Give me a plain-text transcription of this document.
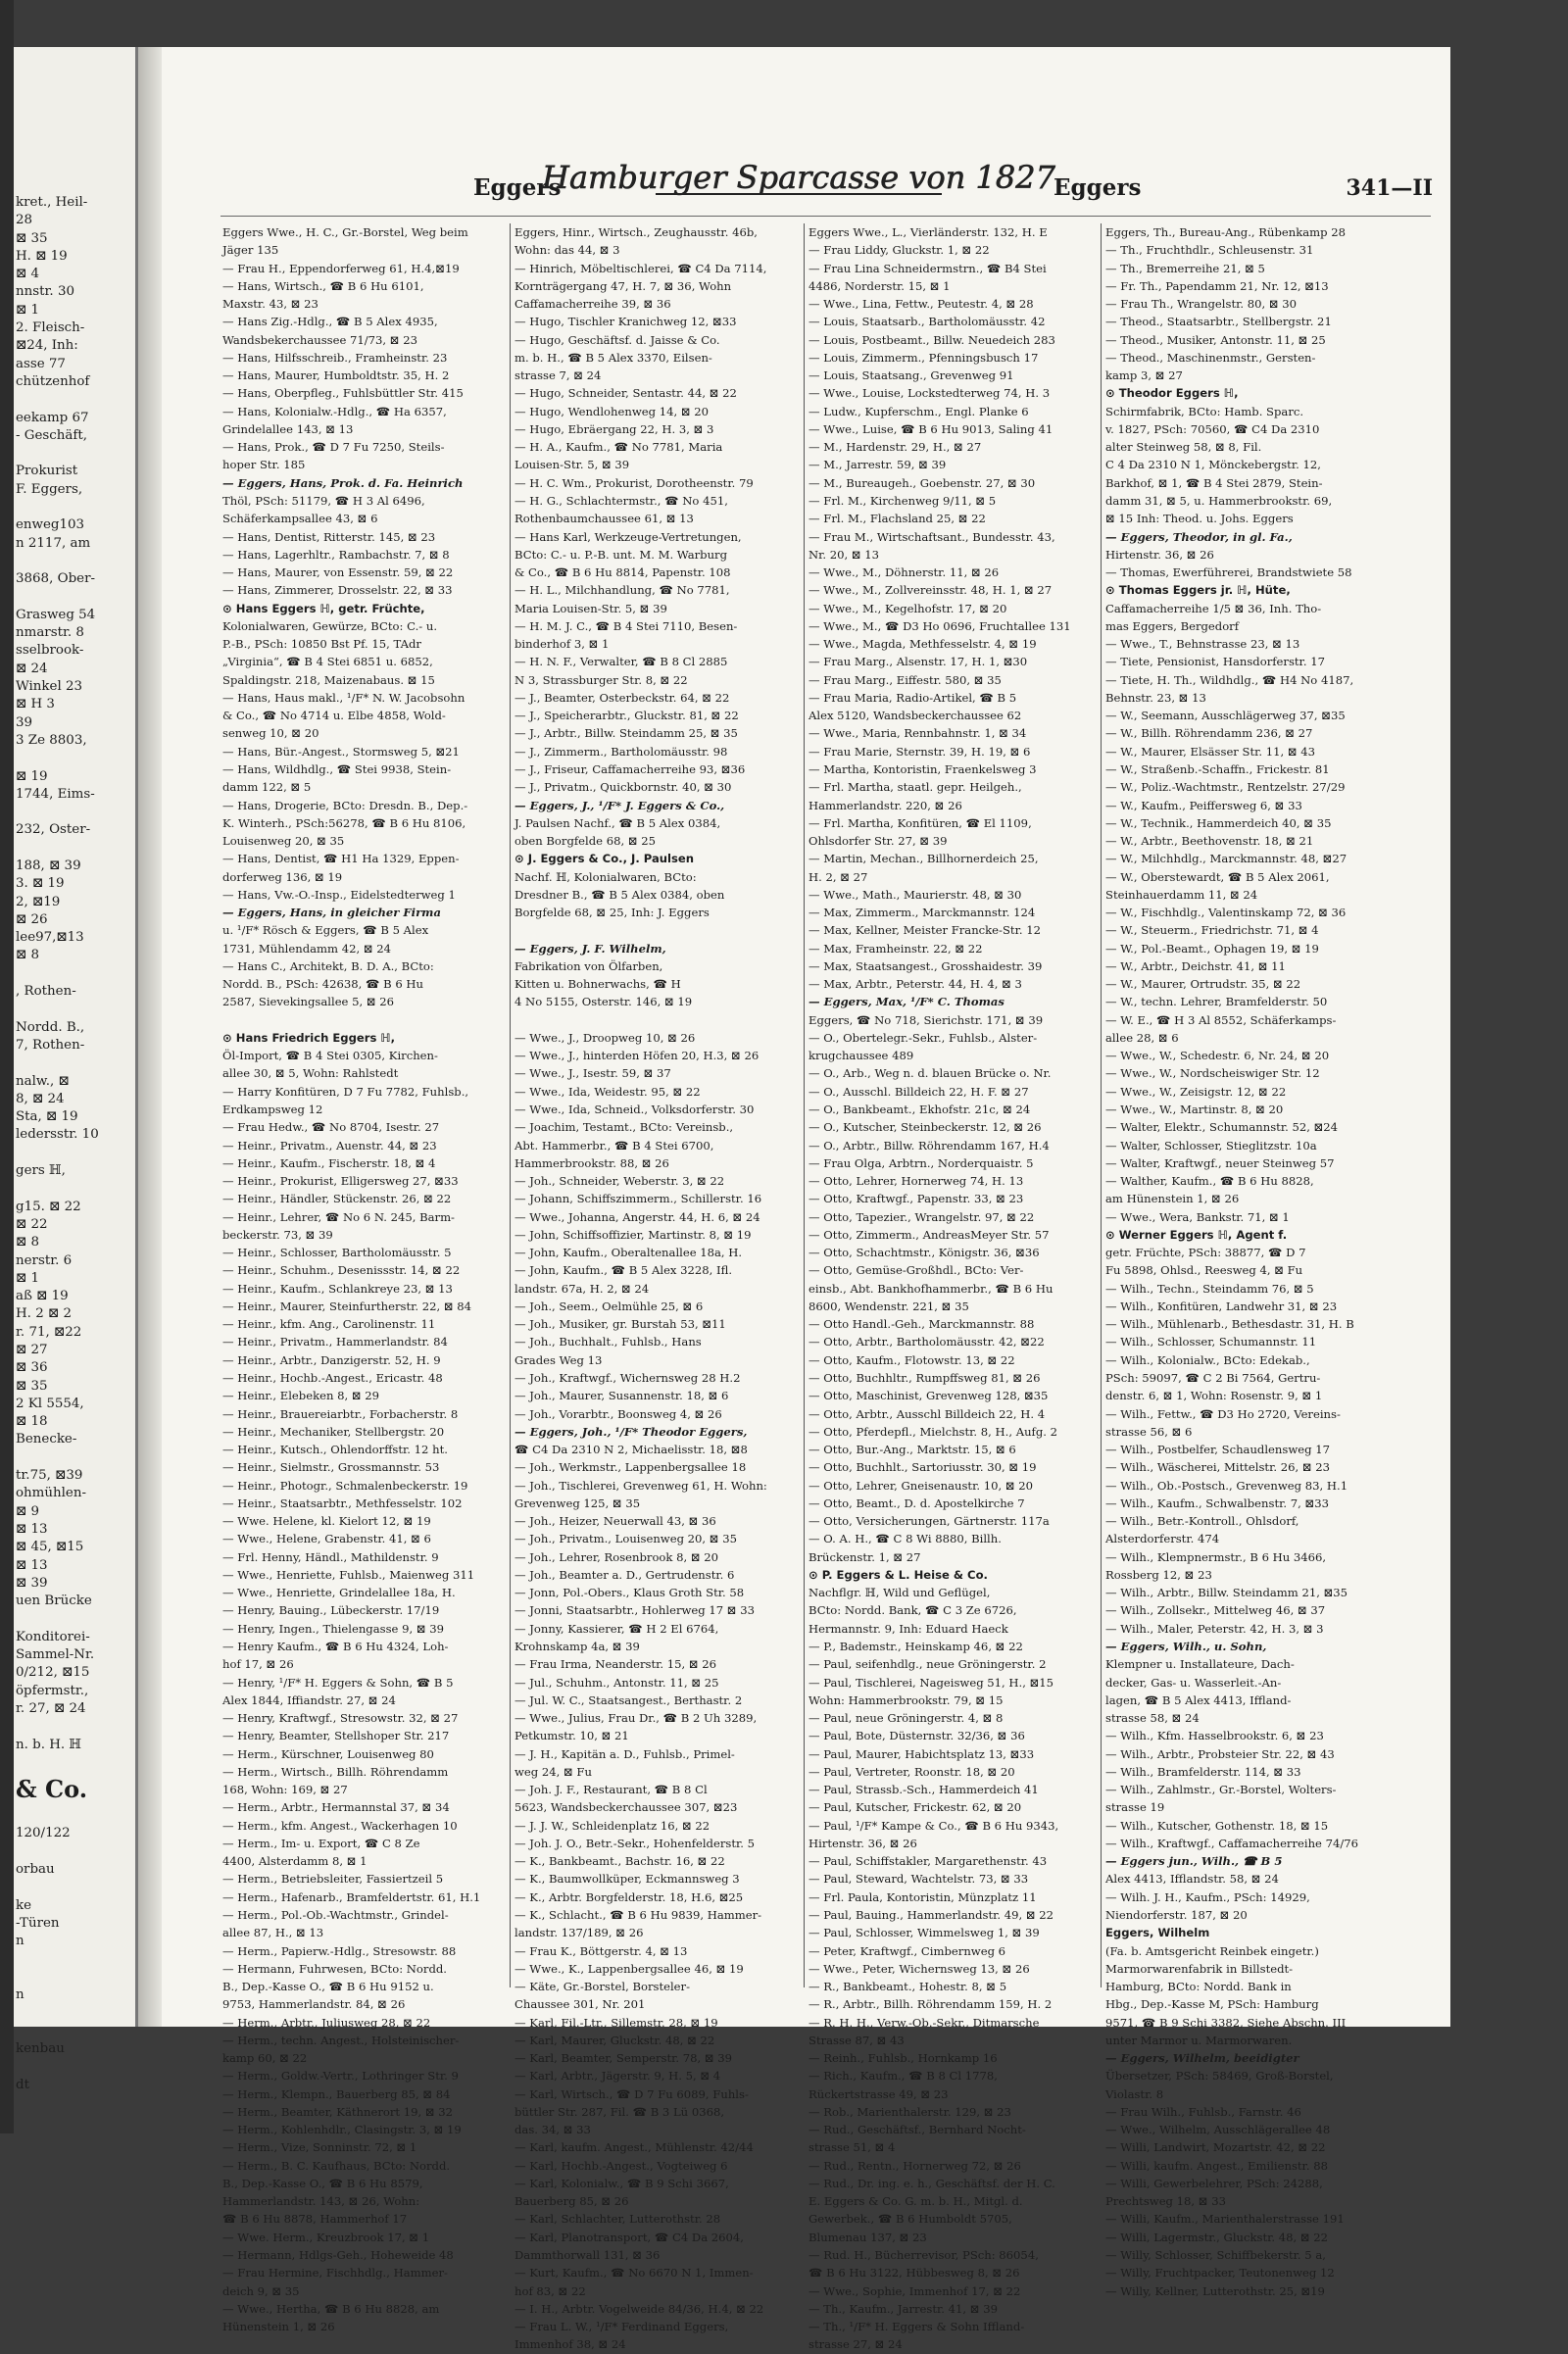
kret., Heil-
28
⊠ 35
H. ⊠ 19
⊠ 4
nnstr. 30
⊠ 1
2. Fleisch-
⊠24, Inh:
asse 77
chützenhof

eekamp 67
- Geschäft,

Prokurist
F. Eggers,

enweg103
n 2117, am

3868, Ober-

Grasweg 54
nmarstr. 8
sselbrook-
⊠ 24
Winkel 23
⊠ H 3
39
3 Ze 8803,

⊠ 19
1744, Eims-

232, Oster-

188, ⊠ 39
3. ⊠ 19
2, ⊠19
⊠ 26
lee97,⊠13
⊠ 8

, Rothen-

Nordd. B.,
7, Rothen-

nalw., ⊠
8, ⊠ 24
Sta, ⊠ 19
ledersstr. 10

gers ℍ,

g15. ⊠ 22
⊠ 22
⊠ 8
nerstr. 6
⊠ 1
aß ⊠ 19
H. 2 ⊠ 2
r. 71, ⊠22
⊠ 27
⊠ 36
⊠ 35
2 Kl 5554,
⊠ 18
Benecke-

tr.75, ⊠39
ohmühlen-
⊠ 9
⊠ 13
⊠ 45, ⊠15
⊠ 13
⊠ 39
uen Brücke

Konditorei-
Sammel-Nr.
0/212, ⊠15
öpfermstr.,
r. 27, ⊠ 24

n. b. H. ℍ

& Co.

120/122

orbau

ke
-Türen
n

n

kenbau

dt
Eggers
Hamburger Sparcasse von 1827
Eggers	341—II
Eggers Wwe., H. C., Gr.-Borstel, Weg beim
Jäger 135
— Frau H., Eppendorferweg 61, H.4,⊠19
— Hans, Wirtsch., ☎ B 6 Hu 6101,
Maxstr. 43, ⊠ 23
— Hans Zig.-Hdlg., ☎ B 5 Alex 4935,
Wandsbekerchaussee 71/73, ⊠ 23
— Hans, Hilfsschreib., Framheinstr. 23
— Hans, Maurer, Humboldtstr. 35, H. 2
— Hans, Oberpfleg., Fuhlsbüttler Str. 415
— Hans, Kolonialw.-Hdlg., ☎ Ha 6357,
Grindelallee 143, ⊠ 13
— Hans, Prok., ☎ D 7 Fu 7250, Steils-
hoper Str. 185
— Eggers, Hans, Prok. d. Fa. Heinrich
Thöl, PSch: 51179, ☎ H 3 Al 6496,
Schäferkampsallee 43, ⊠ 6
— Hans, Dentist, Ritterstr. 145, ⊠ 23
— Hans, Lagerhltr., Rambachstr. 7, ⊠ 8
— Hans, Maurer, von Essenstr. 59, ⊠ 22
— Hans, Zimmerer, Drosselstr. 22, ⊠ 33
⊙ Hans Eggers ℍ, getr. Früchte,
Kolonialwaren, Gewürze, BCto: C.- u.
P.-B., PSch: 10850 Bst Pf. 15, TAdr
„Virginia“, ☎ B 4 Stei 6851 u. 6852,
Spaldingstr. 218, Maizenabaus. ⊠ 15
— Hans, Haus makl., ¹/F* N. W. Jacobsohn
& Co., ☎ No 4714 u. Elbe 4858, Wold-
senweg 10, ⊠ 20
— Hans, Bür.-Angest., Stormsweg 5, ⊠21
— Hans, Wildhdlg., ☎ Stei 9938, Stein-
damm 122, ⊠ 5
— Hans, Drogerie, BCto: Dresdn. B., Dep.-
K. Winterh., PSch:56278, ☎ B 6 Hu 8106,
Louisenweg 20, ⊠ 35
— Hans, Dentist, ☎ H1 Ha 1329, Eppen-
dorferweg 136, ⊠ 19
— Hans, Vw.-O.-Insp., Eidelstedterweg 1
— Eggers, Hans, in gleicher Firma
u. ¹/F* Rösch & Eggers, ☎ B 5 Alex
1731, Mühlendamm 42, ⊠ 24
— Hans C., Architekt, B. D. A., BCto:
Nordd. B., PSch: 42638, ☎ B 6 Hu
2587, Sievekingsallee 5, ⊠ 26

⊙ Hans Friedrich Eggers ℍ,
Öl-Import, ☎ B 4 Stei 0305, Kirchen-
allee 30, ⊠ 5, Wohn: Rahlstedt
— Harry Konfitüren, D 7 Fu 7782, Fuhlsb.,
Erdkampsweg 12
— Frau Hedw., ☎ No 8704, Isestr. 27
— Heinr., Privatm., Auenstr. 44, ⊠ 23
— Heinr., Kaufm., Fischerstr. 18, ⊠ 4
— Heinr., Prokurist, Elligersweg 27, ⊠33
— Heinr., Händler, Stückenstr. 26, ⊠ 22
— Heinr., Lehrer, ☎ No 6 N. 245, Barm-
beckerstr. 73, ⊠ 39
— Heinr., Schlosser, Bartholomäusstr. 5
— Heinr., Schuhm., Desenissstr. 14, ⊠ 22
— Heinr., Kaufm., Schlankreye 23, ⊠ 13
— Heinr., Maurer, Steinfurtherstr. 22, ⊠ 84
— Heinr., kfm. Ang., Carolinenstr. 11
— Heinr., Privatm., Hammerlandstr. 84
— Heinr., Arbtr., Danzigerstr. 52, H. 9
— Heinr., Hochb.-Angest., Ericastr. 48
— Heinr., Elebeken 8, ⊠ 29
— Heinr., Brauereiarbtr., Forbacherstr. 8
— Heinr., Mechaniker, Stellbergstr. 20
— Heinr., Kutsch., Ohlendorffstr. 12 ht.
— Heinr., Sielmstr., Grossmannstr. 53
— Heinr., Photogr., Schmalenbeckerstr. 19
— Heinr., Staatsarbtr., Methfesselstr. 102
— Wwe. Helene, kl. Kielort 12, ⊠ 19
— Wwe., Helene, Grabenstr. 41, ⊠ 6
— Frl. Henny, Händl., Mathildenstr. 9
— Wwe., Henriette, Fuhlsb., Maienweg 311
— Wwe., Henriette, Grindelallee 18a, H.
— Henry, Bauing., Lübeckerstr. 17/19
— Henry, Ingen., Thielengasse 9, ⊠ 39
— Henry Kaufm., ☎ B 6 Hu 4324, Loh-
hof 17, ⊠ 26
— Henry, ¹/F* H. Eggers & Sohn, ☎ B 5
Alex 1844, Iffiandstr. 27, ⊠ 24
— Henry, Kraftwgf., Stresowstr. 32, ⊠ 27
— Henry, Beamter, Stellshoper Str. 217
— Herm., Kürschner, Louisenweg 80
— Herm., Wirtsch., Billh. Röhrendamm
168, Wohn: 169, ⊠ 27
— Herm., Arbtr., Hermannstal 37, ⊠ 34
— Herm., kfm. Angest., Wackerhagen 10
— Herm., Im- u. Export, ☎ C 8 Ze
4400, Alsterdamm 8, ⊠ 1
— Herm., Betriebsleiter, Fassiertzeil 5
— Herm., Hafenarb., Bramfeldertstr. 61, H.1
— Herm., Pol.-Ob.-Wachtmstr., Grindel-
allee 87, H., ⊠ 13
— Herm., Papierw.-Hdlg., Stresowstr. 88
— Hermann, Fuhrwesen, BCto: Nordd.
B., Dep.-Kasse O., ☎ B 6 Hu 9152 u.
9753, Hammerlandstr. 84, ⊠ 26
— Herm., Arbtr., Juliusweg 28, ⊠ 22
— Herm., techn. Angest., Holsteinischer-
kamp 60, ⊠ 22
— Herm., Goldw.-Vertr., Lothringer Str. 9
— Herm., Klempn., Bauerberg 85, ⊠ 84
— Herm., Beamter, Käthnerort 19, ⊠ 32
— Herm., Kohlenhdlr., Clasingstr. 3, ⊠ 19
— Herm., Vize, Sonninstr. 72, ⊠ 1
— Herm., B. C. Kaufhaus, BCto: Nordd.
B., Dep.-Kasse O., ☎ B 6 Hu 8579,
Hammerlandstr. 143, ⊠ 26, Wohn:
☎ B 6 Hu 8878, Hammerhof 17
— Wwe. Herm., Kreuzbrook 17, ⊠ 1
— Hermann, Hdlgs-Geh., Hoheweide 48
— Frau Hermine, Fischhdlg., Hammer-
deich 9, ⊠ 35
— Wwe., Hertha, ☎ B 6 Hu 8828, am
Hünenstein 1, ⊠ 26
Eggers, Hinr., Wirtsch., Zeughausstr. 46b,
Wohn: das 44, ⊠ 3
— Hinrich, Möbeltischlerei, ☎ C4 Da 7114,
Kornträgergang 47, H. 7, ⊠ 36, Wohn
Caffamacherreihe 39, ⊠ 36
— Hugo, Tischler Kranichweg 12, ⊠33
— Hugo, Geschäftsf. d. Jaisse & Co.
m. b. H., ☎ B 5 Alex 3370, Eilsen-
strasse 7, ⊠ 24
— Hugo, Schneider, Sentastr. 44, ⊠ 22
— Hugo, Wendlohenweg 14, ⊠ 20
— Hugo, Ebräergang 22, H. 3, ⊠ 3
— H. A., Kaufm., ☎ No 7781, Maria
Louisen-Str. 5, ⊠ 39
— H. C. Wm., Prokurist, Dorotheenstr. 79
— H. G., Schlachtermstr., ☎ No 451,
Rothenbaumchaussee 61, ⊠ 13
— Hans Karl, Werkzeuge-Vertretungen,
BCto: C.- u. P.-B. unt. M. M. Warburg
& Co., ☎ B 6 Hu 8814, Papenstr. 108
— H. L., Milchhandlung, ☎ No 7781,
Maria Louisen-Str. 5, ⊠ 39
— H. M. J. C., ☎ B 4 Stei 7110, Besen-
binderhof 3, ⊠ 1
— H. N. F., Verwalter, ☎ B 8 Cl 2885
N 3, Strassburger Str. 8, ⊠ 22
— J., Beamter, Osterbeckstr. 64, ⊠ 22
— J., Speicherarbtr., Gluckstr. 81, ⊠ 22
— J., Arbtr., Billw. Steindamm 25, ⊠ 35
— J., Zimmerm., Bartholomäusstr. 98
— J., Friseur, Caffamacherreihe 93, ⊠36
— J., Privatm., Quickbornstr. 40, ⊠ 30
— Eggers, J., ¹/F* J. Eggers & Co.,
J. Paulsen Nachf., ☎ B 5 Alex 0384,
oben Borgfelde 68, ⊠ 25
⊙ J. Eggers & Co., J. Paulsen
Nachf. ℍ, Kolonialwaren, BCto:
Dresdner B., ☎ B 5 Alex 0384, oben
Borgfelde 68, ⊠ 25, Inh: J. Eggers

— Eggers, J. F. Wilhelm,
Fabrikation von Ölfarben,
Kitten u. Bohnerwachs, ☎ H
4 No 5155, Osterstr. 146, ⊠ 19

— Wwe., J., Droopweg 10, ⊠ 26
— Wwe., J., hinterden Höfen 20, H.3, ⊠ 26
— Wwe., J., Isestr. 59, ⊠ 37
— Wwe., Ida, Weidestr. 95, ⊠ 22
— Wwe., Ida, Schneid., Volksdorferstr. 30
— Joachim, Testamt., BCto: Vereinsb.,
Abt. Hammerbr., ☎ B 4 Stei 6700,
Hammerbrookstr. 88, ⊠ 26
— Joh., Schneider, Weberstr. 3, ⊠ 22
— Johann, Schiffszimmerm., Schillerstr. 16
— Wwe., Johanna, Angerstr. 44, H. 6, ⊠ 24
— John, Schiffsoffizier, Martinstr. 8, ⊠ 19
— John, Kaufm., Oberaltenallee 18a, H.
— John, Kaufm., ☎ B 5 Alex 3228, Ifl.
landstr. 67a, H. 2, ⊠ 24
— Joh., Seem., Oelmühle 25, ⊠ 6
— Joh., Musiker, gr. Burstah 53, ⊠11
— Joh., Buchhalt., Fuhlsb., Hans
Grades Weg 13
— Joh., Kraftwgf., Wichernsweg 28 H.2
— Joh., Maurer, Susannenstr. 18, ⊠ 6
— Joh., Vorarbtr., Boonsweg 4, ⊠ 26
— Eggers, Joh., ¹/F* Theodor Eggers,
☎ C4 Da 2310 N 2, Michaelisstr. 18, ⊠8
— Joh., Werkmstr., Lappenbergsallee 18
— Joh., Tischlerei, Grevenweg 61, H. Wohn:
Grevenweg 125, ⊠ 35
— Joh., Heizer, Neuerwall 43, ⊠ 36
— Joh., Privatm., Louisenweg 20, ⊠ 35
— Joh., Lehrer, Rosenbrook 8, ⊠ 20
— Joh., Beamter a. D., Gertrudenstr. 6
— Jonn, Pol.-Obers., Klaus Groth Str. 58
— Jonni, Staatsarbtr., Hohlerweg 17 ⊠ 33
— Jonny, Kassierer, ☎ H 2 El 6764,
Krohnskamp 4a, ⊠ 39
— Frau Irma, Neanderstr. 15, ⊠ 26
— Jul., Schuhm., Antonstr. 11, ⊠ 25
— Jul. W. C., Staatsangest., Berthastr. 2
— Wwe., Julius, Frau Dr., ☎ B 2 Uh 3289,
Petkumstr. 10, ⊠ 21
— J. H., Kapitän a. D., Fuhlsb., Primel-
weg 24, ⊠ Fu
— Joh. J. F., Restaurant, ☎ B 8 Cl
5623, Wandsbeckerchaussee 307, ⊠23
— J. J. W., Schleidenplatz 16, ⊠ 22
— Joh. J. O., Betr.-Sekr., Hohenfelderstr. 5
— K., Bankbeamt., Bachstr. 16, ⊠ 22
— K., Baumwollküper, Eckmannsweg 3
— K., Arbtr. Borgfelderstr. 18, H.6, ⊠25
— K., Schlacht., ☎ B 6 Hu 9839, Hammer-
landstr. 137/189, ⊠ 26
— Frau K., Böttgerstr. 4, ⊠ 13
— Wwe., K., Lappenbergsallee 46, ⊠ 19
— Käte, Gr.-Borstel, Borsteler-
Chaussee 301, Nr. 201
— Karl, Fil.-Ltr., Sillemstr. 28, ⊠ 19
— Karl, Maurer, Gluckstr. 48, ⊠ 22
— Karl, Beamter, Semperstr. 78, ⊠ 39
— Karl, Arbtr., Jägerstr. 9, H. 5, ⊠ 4
— Karl, Wirtsch., ☎ D 7 Fu 6089, Fuhls-
büttler Str. 287, Fil. ☎ B 3 Lü 0368,
das. 34, ⊠ 33
— Karl, kaufm. Angest., Mühlenstr. 42/44
— Karl, Hochb.-Angest., Vogteiweg 6
— Karl, Kolonialw., ☎ B 9 Schi 3667,
Bauerberg 85, ⊠ 26
— Karl, Schlachter, Lutterothstr. 28
— Karl, Planotransport, ☎ C4 Da 2604,
Dammthorwall 131, ⊠ 36
— Kurt, Kaufm., ☎ No 6670 N 1, Immen-
hof 83, ⊠ 22
— I. H., Arbtr. Vogelweide 84/36, H.4, ⊠ 22
— Frau L. W., ¹/F* Ferdinand Eggers,
Immenhof 38, ⊠ 24
Eggers Wwe., L., Vierländerstr. 132, H. E
— Frau Liddy, Gluckstr. 1, ⊠ 22
— Frau Lina Schneidermstrn., ☎ B4 Stei
4486, Norderstr. 15, ⊠ 1
— Wwe., Lina, Fettw., Peutestr. 4, ⊠ 28
— Louis, Staatsarb., Bartholomäusstr. 42
— Louis, Postbeamt., Billw. Neuedeich 283
— Louis, Zimmerm., Pfenningsbusch 17
— Louis, Staatsang., Grevenweg 91
— Wwe., Louise, Lockstedterweg 74, H. 3
— Ludw., Kupferschm., Engl. Planke 6
— Wwe., Luise, ☎ B 6 Hu 9013, Saling 41
— M., Hardenstr. 29, H., ⊠ 27
— M., Jarrestr. 59, ⊠ 39
— M., Bureaugeh., Goebenstr. 27, ⊠ 30
— Frl. M., Kirchenweg 9/11, ⊠ 5
— Frl. M., Flachsland 25, ⊠ 22
— Frau M., Wirtschaftsant., Bundesstr. 43,
Nr. 20, ⊠ 13
— Wwe., M., Döhnerstr. 11, ⊠ 26
— Wwe., M., Zollvereinsstr. 48, H. 1, ⊠ 27
— Wwe., M., Kegelhofstr. 17, ⊠ 20
— Wwe., M., ☎ D3 Ho 0696, Fruchtallee 131
— Wwe., Magda, Methfesselstr. 4, ⊠ 19
— Frau Marg., Alsenstr. 17, H. 1, ⊠30
— Frau Marg., Eiffestr. 580, ⊠ 35
— Frau Maria, Radio-Artikel, ☎ B 5
Alex 5120, Wandsbeckerchaussee 62
— Wwe., Maria, Rennbahnstr. 1, ⊠ 34
— Frau Marie, Sternstr. 39, H. 19, ⊠ 6
— Martha, Kontoristin, Fraenkelsweg 3
— Frl. Martha, staatl. gepr. Heilgeh.,
Hammerlandstr. 220, ⊠ 26
— Frl. Martha, Konfitüren, ☎ El 1109,
Ohlsdorfer Str. 27, ⊠ 39
— Martin, Mechan., Billhornerdeich 25,
H. 2, ⊠ 27
— Wwe., Math., Maurierstr. 48, ⊠ 30
— Max, Zimmerm., Marckmannstr. 124
— Max, Kellner, Meister Francke-Str. 12
— Max, Framheinstr. 22, ⊠ 22
— Max, Staatsangest., Grosshaidestr. 39
— Max, Arbtr., Peterstr. 44, H. 4, ⊠ 3
— Eggers, Max, ¹/F* C. Thomas
Eggers, ☎ No 718, Sierichstr. 171, ⊠ 39
— O., Obertelegr.-Sekr., Fuhlsb., Alster-
krugchaussee 489
— O., Arb., Weg n. d. blauen Brücke o. Nr.
— O., Ausschl. Billdeich 22, H. F. ⊠ 27
— O., Bankbeamt., Ekhofstr. 21c, ⊠ 24
— O., Kutscher, Steinbeckerstr. 12, ⊠ 26
— O., Arbtr., Billw. Röhrendamm 167, H.4
— Frau Olga, Arbtrn., Norderquaistr. 5
— Otto, Lehrer, Hornerweg 74, H. 13
— Otto, Kraftwgf., Papenstr. 33, ⊠ 23
— Otto, Tapezier., Wrangelstr. 97, ⊠ 22
— Otto, Zimmerm., AndreasMeyer Str. 57
— Otto, Schachtmstr., Königstr. 36, ⊠36
— Otto, Gemüse-Großhdl., BCto: Ver-
einsb., Abt. Bankhofhammerbr., ☎ B 6 Hu
8600, Wendenstr. 221, ⊠ 35
— Otto Handl.-Geh., Marckmannstr. 88
— Otto, Arbtr., Bartholomäusstr. 42, ⊠22
— Otto, Kaufm., Flotowstr. 13, ⊠ 22
— Otto, Buchhltr., Rumpffsweg 81, ⊠ 26
— Otto, Maschinist, Grevenweg 128, ⊠35
— Otto, Arbtr., Ausschl Billdeich 22, H. 4
— Otto, Pferdepfl., Mielchstr. 8, H., Aufg. 2
— Otto, Bur.-Ang., Marktstr. 15, ⊠ 6
— Otto, Buchhlt., Sartoriusstr. 30, ⊠ 19
— Otto, Lehrer, Gneisenaustr. 10, ⊠ 20
— Otto, Beamt., D. d. Apostelkirche 7
— Otto, Versicherungen, Gärtnerstr. 117a
— O. A. H., ☎ C 8 Wi 8880, Billh.
Brückenstr. 1, ⊠ 27
⊙ P. Eggers & L. Heise & Co.
Nachflgr. ℍ, Wild und Geflügel,
BCto: Nordd. Bank, ☎ C 3 Ze 6726,
Hermannstr. 9, Inh: Eduard Haeck
— P., Bademstr., Heinskamp 46, ⊠ 22
— Paul, seifenhdlg., neue Gröningerstr. 2
— Paul, Tischlerei, Nageisweg 51, H., ⊠15
Wohn: Hammerbrookstr. 79, ⊠ 15
— Paul, neue Gröningerstr. 4, ⊠ 8
— Paul, Bote, Düsternstr. 32/36, ⊠ 36
— Paul, Maurer, Habichtsplatz 13, ⊠33
— Paul, Vertreter, Roonstr. 18, ⊠ 20
— Paul, Strassb.-Sch., Hammerdeich 41
— Paul, Kutscher, Frickestr. 62, ⊠ 20
— Paul, ¹/F* Kampe & Co., ☎ B 6 Hu 9343,
Hirtenstr. 36, ⊠ 26
— Paul, Schiffstakler, Margarethenstr. 43
— Paul, Steward, Wachtelstr. 73, ⊠ 33
— Frl. Paula, Kontoristin, Münzplatz 11
— Paul, Bauing., Hammerlandstr. 49, ⊠ 22
— Paul, Schlosser, Wimmelsweg 1, ⊠ 39
— Peter, Kraftwgf., Cimbernweg 6
— Wwe., Peter, Wichernsweg 13, ⊠ 26
— R., Bankbeamt., Hohestr. 8, ⊠ 5
— R., Arbtr., Billh. Röhrendamm 159, H. 2
— R. H. H., Verw.-Ob.-Sekr., Ditmarsche
Strasse 87, ⊠ 43
— Reinh., Fuhlsb., Hornkamp 16
— Rich., Kaufm., ☎ B 8 Cl 1778,
Rückertstrasse 49, ⊠ 23
— Rob., Marienthalerstr. 129, ⊠ 23
— Rud., Geschäftsf., Bernhard Nocht-
strasse 51, ⊠ 4
— Rud., Rentn., Hornerweg 72, ⊠ 26
— Rud., Dr. ing. e. h., Geschäftsf. der H. C.
E. Eggers & Co. G. m. b. H., Mitgl. d.
Gewerbek., ☎ B 6 Humboldt 5705,
Blumenau 137, ⊠ 23
— Rud. H., Bücherrevisor, PSch: 86054,
☎ B 6 Hu 3122, Hübbesweg 8, ⊠ 26
— Wwe., Sophie, Immenhof 17, ⊠ 22
— Th., Kaufm., Jarrestr. 41, ⊠ 39
— Th., ¹/F* H. Eggers & Sohn Iffland-
strasse 27, ⊠ 24
Eggers, Th., Bureau-Ang., Rübenkamp 28
— Th., Fruchthdlr., Schleusenstr. 31
— Th., Bremerreihe 21, ⊠ 5
— Fr. Th., Papendamm 21, Nr. 12, ⊠13
— Frau Th., Wrangelstr. 80, ⊠ 30
— Theod., Staatsarbtr., Stellbergstr. 21
— Theod., Musiker, Antonstr. 11, ⊠ 25
— Theod., Maschinenmstr., Gersten-
kamp 3, ⊠ 27
⊙ Theodor Eggers ℍ,
Schirmfabrik, BCto: Hamb. Sparc.
v. 1827, PSch: 70560, ☎ C4 Da 2310
alter Steinweg 58, ⊠ 8, Fil.
C 4 Da 2310 N 1, Mönckebergstr. 12,
Barkhof, ⊠ 1, ☎ B 4 Stei 2879, Stein-
damm 31, ⊠ 5, u. Hammerbrookstr. 69,
⊠ 15 Inh: Theod. u. Johs. Eggers
— Eggers, Theodor, in gl. Fa.,
Hirtenstr. 36, ⊠ 26
— Thomas, Ewerführerei, Brandstwiete 58
⊙ Thomas Eggers jr. ℍ, Hüte,
Caffamacherreihe 1/5 ⊠ 36, Inh. Tho-
mas Eggers, Bergedorf
— Wwe., T., Behnstrasse 23, ⊠ 13
— Tiete, Pensionist, Hansdorferstr. 17
— Tiete, H. Th., Wildhdlg., ☎ H4 No 4187,
Behnstr. 23, ⊠ 13
— W., Seemann, Ausschlägerweg 37, ⊠35
— W., Billh. Röhrendamm 236, ⊠ 27
— W., Maurer, Elsässer Str. 11, ⊠ 43
— W., Straßenb.-Schaffn., Frickestr. 81
— W., Poliz.-Wachtmstr., Rentzelstr. 27/29
— W., Kaufm., Peiffersweg 6, ⊠ 33
— W., Technik., Hammerdeich 40, ⊠ 35
— W., Arbtr., Beethovenstr. 18, ⊠ 21
— W., Milchhdlg., Marckmannstr. 48, ⊠27
— W., Oberstewardt, ☎ B 5 Alex 2061,
Steinhauerdamm 11, ⊠ 24
— W., Fischhdlg., Valentinskamp 72, ⊠ 36
— W., Steuerm., Friedrichstr. 71, ⊠ 4
— W., Pol.-Beamt., Ophagen 19, ⊠ 19
— W., Arbtr., Deichstr. 41, ⊠ 11
— W., Maurer, Ortrudstr. 35, ⊠ 22
— W., techn. Lehrer, Bramfelderstr. 50
— W. E., ☎ H 3 Al 8552, Schäferkamps-
allee 28, ⊠ 6
— Wwe., W., Schedestr. 6, Nr. 24, ⊠ 20
— Wwe., W., Nordscheiswiger Str. 12
— Wwe., W., Zeisigstr. 12, ⊠ 22
— Wwe., W., Martinstr. 8, ⊠ 20
— Walter, Elektr., Schumannstr. 52, ⊠24
— Walter, Schlosser, Stieglitzstr. 10a
— Walter, Kraftwgf., neuer Steinweg 57
— Walther, Kaufm., ☎ B 6 Hu 8828,
am Hünenstein 1, ⊠ 26
— Wwe., Wera, Bankstr. 71, ⊠ 1
⊙ Werner Eggers ℍ, Agent f.
getr. Früchte, PSch: 38877, ☎ D 7
Fu 5898, Ohlsd., Reesweg 4, ⊠ Fu
— Wilh., Techn., Steindamm 76, ⊠ 5
— Wilh., Konfitüren, Landwehr 31, ⊠ 23
— Wilh., Mühlenarb., Bethesdastr. 31, H. B
— Wilh., Schlosser, Schumannstr. 11
— Wilh., Kolonialw., BCto: Edekab.,
PSch: 59097, ☎ C 2 Bi 7564, Gertru-
denstr. 6, ⊠ 1, Wohn: Rosenstr. 9, ⊠ 1
— Wilh., Fettw., ☎ D3 Ho 2720, Vereins-
strasse 56, ⊠ 6
— Wilh., Postbelfer, Schaudlensweg 17
— Wilh., Wäscherei, Mittelstr. 26, ⊠ 23
— Wilh., Ob.-Postsch., Grevenweg 83, H.1
— Wilh., Kaufm., Schwalbenstr. 7, ⊠33
— Wilh., Betr.-Kontroll., Ohlsdorf,
Alsterdorferstr. 474
— Wilh., Klempnermstr., B 6 Hu 3466,
Rossberg 12, ⊠ 23
— Wilh., Arbtr., Billw. Steindamm 21, ⊠35
— Wilh., Zollsekr., Mittelweg 46, ⊠ 37
— Wilh., Maler, Peterstr. 42, H. 3, ⊠ 3
— Eggers, Wilh., u. Sohn,
Klempner u. Installateure, Dach-
decker, Gas- u. Wasserleit.-An-
lagen, ☎ B 5 Alex 4413, Iffland-
strasse 58, ⊠ 24
— Wilh., Kfm. Hasselbrookstr. 6, ⊠ 23
— Wilh., Arbtr., Probsteier Str. 22, ⊠ 43
— Wilh., Bramfelderstr. 114, ⊠ 33
— Wilh., Zahlmstr., Gr.-Borstel, Wolters-
strasse 19
— Wilh., Kutscher, Gothenstr. 18, ⊠ 15
— Wilh., Kraftwgf., Caffamacherreihe 74/76
— Eggers jun., Wilh., ☎ B 5
Alex 4413, Ifflandstr. 58, ⊠ 24
— Wilh. J. H., Kaufm., PSch: 14929,
Niendorferstr. 187, ⊠ 20
Eggers, Wilhelm
(Fa. b. Amtsgericht Reinbek eingetr.)
Marmorwarenfabrik in Billstedt-
Hamburg, BCto: Nordd. Bank in
Hbg., Dep.-Kasse M, PSch: Hamburg
9571, ☎ B 9 Schi 3382, Siehe Abschn. III
unter Marmor u. Marmorwaren.
— Eggers, Wilhelm, beeidigter
Übersetzer, PSch: 58469, Groß-Borstel,
Violastr. 8
— Frau Wilh., Fuhlsb., Farnstr. 46
— Wwe., Wilhelm, Ausschlägerallee 48
— Willi, Landwirt, Mozartstr. 42, ⊠ 22
— Willi, kaufm. Angest., Emilienstr. 88
— Willi, Gewerbelehrer, PSch: 24288,
Prechtsweg 18, ⊠ 33
— Willi, Kaufm., Marienthalerstrasse 191
— Willi, Lagermstr., Gluckstr. 48, ⊠ 22
— Willy, Schlosser, Schiffbekerstr. 5 a,
— Willy, Fruchtpacker, Teutonenweg 12
— Willy, Kellner, Lutterothstr. 25, ⊠19
